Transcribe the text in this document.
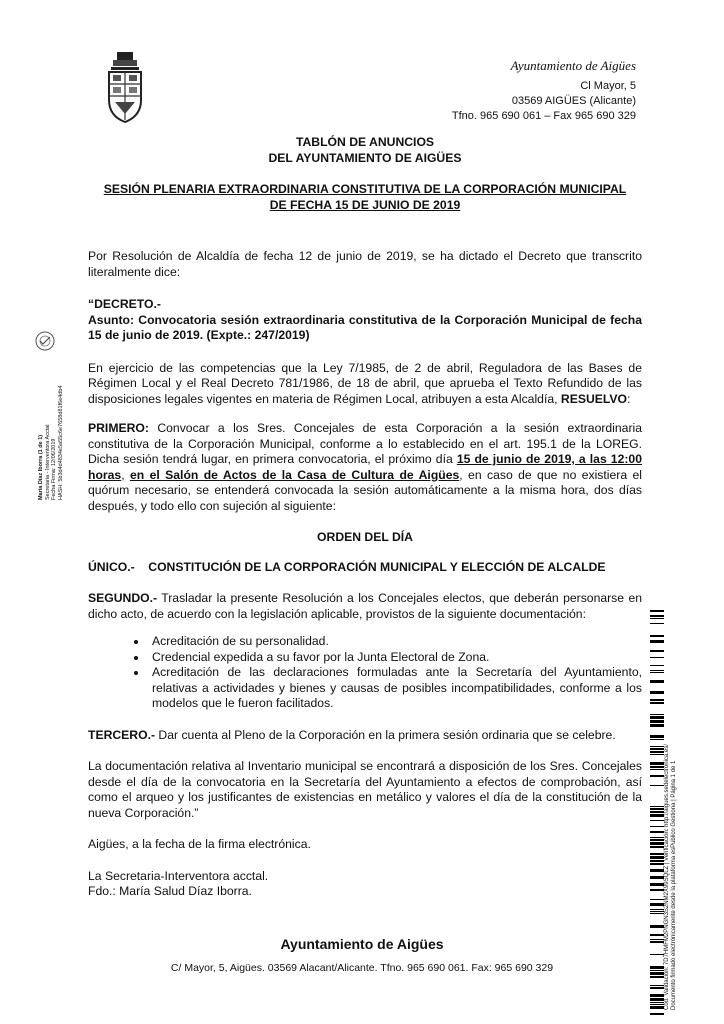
Ayuntamiento de Aigües
Cl Mayor, 5
03569 AIGÜES (Alicante)
Tfno. 965 690 061 – Fax 965 690 329
María Díaz Iborra (1 de 1) Secretaria - Interventora Acctal Fecha Firma: 12/06/2019 HASH: 5b3d4d4834e5a55c6e7658d81f6e4db4

TABLÓN DE ANUNCIOS

DEL AYUNTAMIENTO DE AIGÜES

SESIÓN PLENARIA EXTRAORDINARIA CONSTITUTIVA DE LA CORPORACIÓN MUNICIPAL

DE FECHA 15 DE JUNIO DE 2019

Por Resolución de Alcaldía de fecha 12 de junio de 2019, se ha dictado el Decreto que transcrito literalmente dice:

“DECRETO.-

Asunto: Convocatoria sesión extraordinaria constitutiva de la Corporación Municipal de fecha 15 de junio de 2019. (Expte.: 247/2019)

En ejercicio de las competencias que la Ley 7/1985, de 2 de abril, Reguladora de las Bases de Régimen Local y el Real Decreto 781/1986, de 18 de abril, que aprueba el Texto Refundido de las disposiciones legales vigentes en materia de Régimen Local, atribuyen a esta Alcaldía, RESUELVO:

PRIMERO: Convocar a los Sres. Concejales de esta Corporación a la sesión extraordinaria constitutiva de la Corporación Municipal, conforme a lo establecido en el art. 195.1 de la LOREG. Dicha sesión tendrá lugar, en primera convocatoria, el próximo día 15 de junio de 2019, a las 12:00 horas, en el Salón de Actos de la Casa de Cultura de Aigües, en caso de que no existiera el quórum necesario, se entenderá convocada la sesión automáticamente a la misma hora, dos días después, y todo ello con sujeción al siguiente:

ORDEN DEL DÍA

ÚNICO.- CONSTITUCIÓN DE LA CORPORACIÓN MUNICIPAL Y ELECCIÓN DE ALCALDE

SEGUNDO.- Trasladar la presente Resolución a los Concejales electos, que deberán personarse en dicho acto, de acuerdo con la legislación aplicable, provistos de la siguiente documentación:

• Acreditación de su personalidad.
• Credencial expedida a su favor por la Junta Electoral de Zona.
• Acreditación de las declaraciones formuladas ante la Secretaría del Ayuntamiento, relativas a actividades y bienes y causas de posibles incompatibilidades, conforme a los modelos que le fueron facilitados.

TERCERO.- Dar cuenta al Pleno de la Corporación en la primera sesión ordinaria que se celebre.

La documentación relativa al Inventario municipal se encontrará a disposición de los Sres. Concejales desde el día de la convocatoria en la Secretaría del Ayuntamiento a efectos de comprobación, así como el arqueo y los justificantes de existencias en metálico y valores el día de la constitución de la nueva Corporación.”

Aigües, a la fecha de la firma electrónica.

La Secretaria-Interventora acctal.

Fdo.: María Salud Díaz Iborra.

Ayuntamiento de Aigües
C/ Mayor, 5, Aigües. 03569 Alacant/Alicante. Tfno. 965 690 061. Fax: 965 690 329	Cód. Validación: 7D7HMFM2PNGN3S2NM2X99SQLZ | Verificación: http://aigues.sedelectronica.es/ Documento firmado electrónicamente desde la plataforma esPublico Gestiona | Página 1 de 1
